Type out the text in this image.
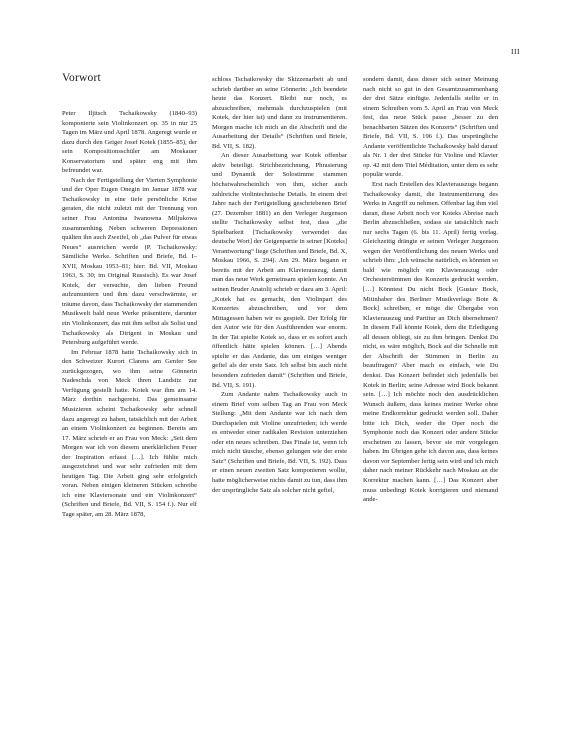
III
Vorwort

Peter Iljitsch Tschaikowsky (1840–93) komponierte sein Violinkonzert op. 35 in nur 25 Tagen im März und April 1878. Angeregt wurde er dazu durch den Geiger Josef Kotek (1855–85), der sein Kompositionsschüler am Moskauer Konservatorium und später eng mit ihm befreundet war.

Nach der Fertigstellung der Vierten Symphonie und der Oper Eugen Onegin im Januar 1878 war Tschaikowsky in eine tiefe persönliche Krise geraten, die nicht zuletzt mit der Trennung von seiner Frau Antonina Iwanowna Miljukowa zusammenhing. Neben schweren Depressionen quälten ihn auch Zweifel, ob „das Pulver für etwas Neues“ ausreichen werde (P. Tschaikowsky: Sämtliche Werke. Schriften und Briefe, Bd. I–XVII, Moskau 1953–81; hier: Bd. VII, Moskau 1963, S. 30; im Original Russisch). Es war Josef Kotek, der versuchte, den lieben Freund aufzumuntern und ihm dazu verschwärmte, er träume davon, dass Tschaikowsky der stammenden Musikwelt bald neue Werke präsentiere, darunter ein Violinkonzert, das mit ihm selbst als Solist und Tschaikowsky als Dirigent in Moskau und Petersburg aufgeführt werde.

Im Februar 1878 hatte Tschaikowsky sich in den Schweizer Kurort Clarens am Genfer See zurückgezogen, wo ihm seine Gönnerin Nadeschda von Meck ihren Landsitz zur Verfügung gestellt hatte. Kotek war ihm am 14. März dorthin nachgereist. Das gemeinsame Musizieren scheint Tschaikowsky sehr schnell dazu angeregt zu haben, tatsächlich mit der Arbeit an einem Violinkonzert zu beginnen. Bereits am 17. März schrieb er an Frau von Meck: „Seit dem Morgen war ich von diesem unerklärlichen Feuer der Inspiration erfasst […]. Ich fühlte mich ausgezeichnet und war sehr zufrieden mit dem heutigen Tag. Die Arbeit ging sehr erfolgreich voran. Neben einigen kleineren Stücken schreibe ich eine Klaviersonate und ein Violinkonzert“ (Schriften und Briefe, Bd. VII, S. 154 f.). Nur elf Tage später, am 28. März 1878,

schloss Tschaikowsky die Skizzenarbeit ab und schrieb darüber an seine Gönnerin: „Ich beendete heute das Konzert. Bleibt nur noch, es abzuschreiben, mehrmals durchzuspielen (mit Kotek, der hier ist) und dann zu instrumentieren. Morgen mache ich mich an die Abschrift und die Ausarbeitung der Details“ (Schriften und Briefe, Bd. VII, S. 182).

An dieser Ausarbeitung war Kotek offenbar aktiv beteiligt. Strichbezeichnung, Phrasierung und Dynamik der Solostimme stammen höchstwahrscheinlich von ihm, sicher auch zahlreiche violintechnische Details. In einem drei Jahre nach der Fertigstellung geschriebenen Brief (27. Dezember 1881) an den Verleger Jurgenson stellte Tschaikowsky selbst fest, dass „die Spielbarkeit [Tschaikowsky verwendet das deutsche Wort] der Geigenpartie in seiner [Koteks] Verantwortung“ liege (Schriften und Briefe, Bd. X, Moskau 1966, S. 294). Am 29. März begann er bereits mit der Arbeit am Klavierauszug, damit man das neue Werk gemeinsam spielen konnte. An seinen Bruder Anatolij schrieb er dazu am 3. April: „Kotek hat es gemacht, den Violinpart des Konzertes abzuschreiben, und vor dem Mittagessen haben wir es gespielt. Der Erfolg für den Autor wie für den Ausführenden war enorm. In der Tat spielte Kotek so, dass er es sofort auch öffentlich hätte spielen können. […] Abends spielte er das Andante, das um einiges weniger gefiel als der erste Satz. Ich selbst bin auch nicht besonders zufrieden damit“ (Schriften und Briefe, Bd. VII, S. 191).

Zum Andante nahm Tschaikowsky auch in einem Brief vom selben Tag an Frau von Meck Stellung: „Mit dem Andante war ich nach dem Durchspielen mit Violine unzufrieden; ich werde es entweder einer radikalen Revision unterziehen oder ein neues schreiben. Das Finale ist, wenn ich mich nicht täusche, ebenso gelungen wie der erste Satz“ (Schriften und Briefe, Bd. VII, S. 192). Dass er einen neuen zweiten Satz komponieren wollte, hatte möglicherweise nichts damit zu tun, dass ihm der ursprüngliche Satz als solcher nicht gefiel,

sondern damit, dass dieser sich seiner Meinung nach nicht so gut in den Gesamtzusammenhang der drei Sätze einfügte. Jedenfalls stellte er in einem Schreiben vom 5. April an Frau von Meck fest, das neue Stück passe „besser zu den benachbarten Sätzen des Konzerts“ (Schriften und Briefe, Bd. VII, S. 196 f.). Das ursprüngliche Andante veröffentlichte Tschaikowsky bald darauf als Nr. 1 der drei Stücke für Violine und Klavier op. 42 mit dem Titel Méditation, unter dem es sehr populär wurde.

Erst nach Erstellen des Klavierauszugs begann Tschaikowsky damit, die Instrumentierung des Werks in Angriff zu nehmen. Offenbar lag ihm viel daran, diese Arbeit noch vor Koteks Abreise nach Berlin abzuschließen, sodass sie tatsächlich nach nur sechs Tagen (6. bis 11. April) fertig vorlag. Gleichzeitig drängte er seinen Verleger Jurgenson wegen der Veröffentlichung des neuen Werks und schrieb ihm: „Ich wünsche natürlich, es könnten so bald wie möglich ein Klavierauszug oder Orchesterstimmen des Konzerts gedruckt werden. […] Könntest Du nicht Bock [Gustav Bock, Mitinhaber des Berliner Musikverlags Bote & Bock] schreiben, er möge die Übergabe von Klavierauszug und Partitur an Dich übernehmen? In diesem Fall könnte Kotek, dem die Erledigung all dessen obliegt, sie zu ihm bringen. Denkst Du nicht, es wäre möglich, Bock auf die Schnelle mit der Abschrift der Stimmen in Berlin zu beauftragen? Aber mach es einfach, wie Du denkst. Das Konzert befindet sich jedenfalls bei Kotek in Berlin; seine Adresse wird Bock bekannt sein. […] Ich möchte noch den ausdrücklichen Wunsch äußern, dass keines meiner Werke ohne meine Endkorrektur gedruckt werden soll. Daher bitte ich Dich, weder die Oper noch die Symphonie noch das Konzert oder andere Stücke erscheinen zu lassen, bevor sie mir vorgelegen haben. Im Übrigen gehe ich davon aus, dass keines davon vor September fertig sein wird und ich mich daher nach meiner Rückkehr nach Moskau an die Korrektur machen kann. […] Das Konzert aber muss unbedingt Kotek korrigieren und niemand ande-
